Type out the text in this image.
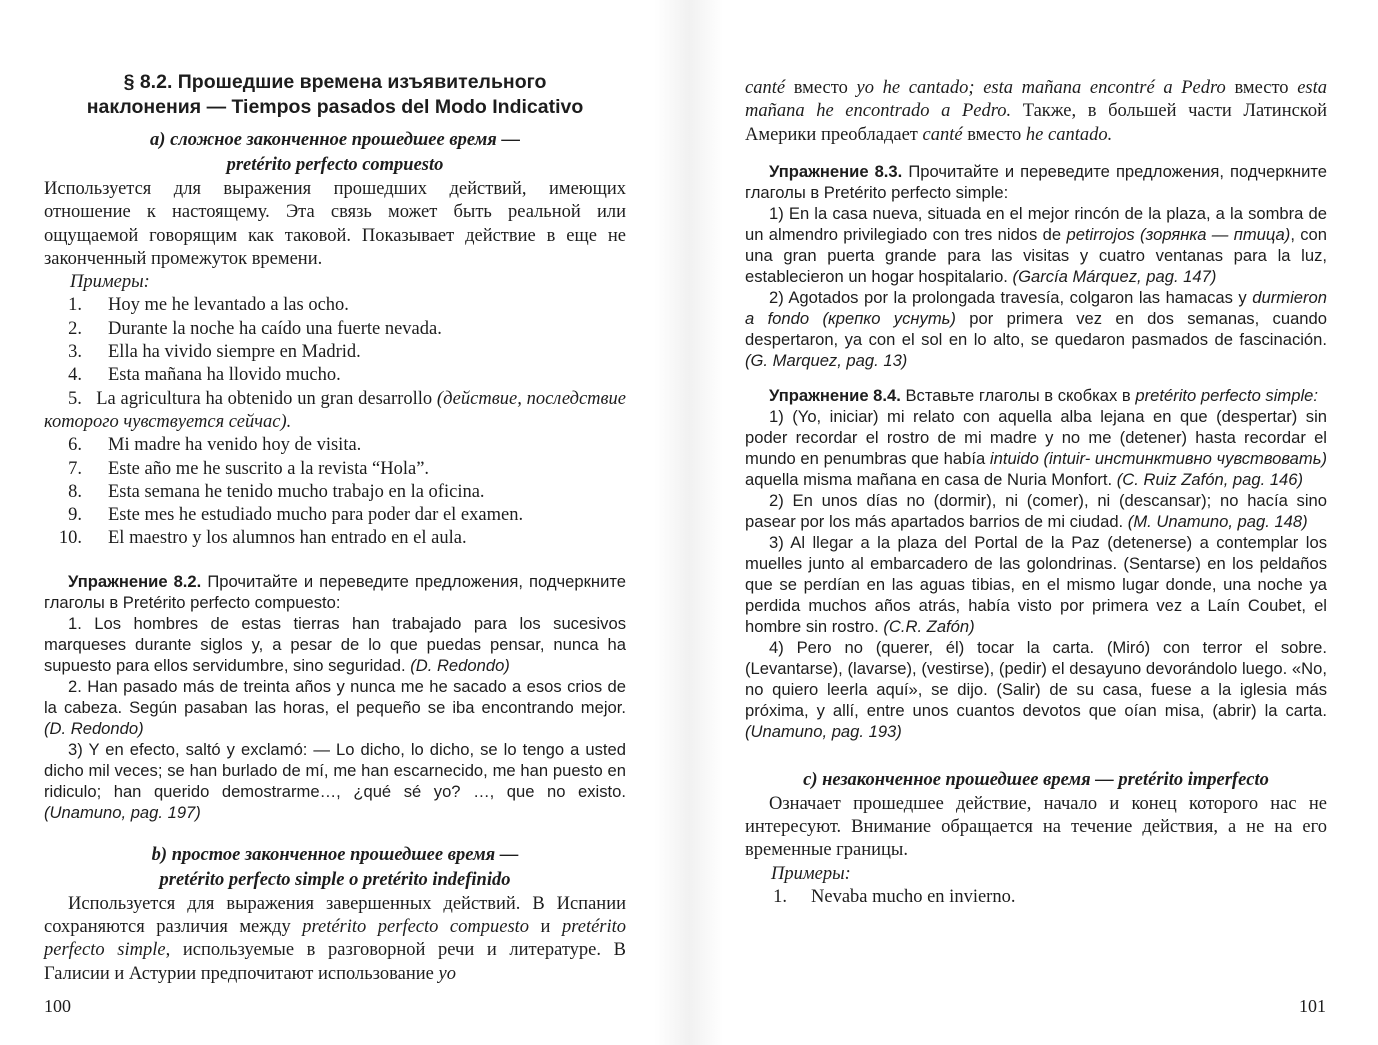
§ 8.2. Прошедшие времена изъявительного
наклонения — Tiempos pasados del Modo Indicativo

а) сложное законченное прошедшее время —
pretérito perfecto compuesto

Используется для выражения прошедших действий, имеющих отношение к настоящему. Эта связь может быть реальной или ощущаемой говорящим как таковой. Показывает действие в еще не законченный промежуток времени.

Примеры:

1. Hoy me he levantado a las ocho.
2. Durante la noche ha caído una fuerte nevada.
3. Ella ha vivido siempre en Madrid.
4. Esta mañana ha llovido mucho.
5. La agricultura ha obtenido un gran desarrollo (действие, последствие которого чувствуется сейчас).
6. Mi madre ha venido hoy de visita.
7. Este año me he suscrito a la revista “Hola”.
8. Esta semana he tenido mucho trabajo en la oficina.
9. Este mes he estudiado mucho para poder dar el examen.
10. El maestro y los alumnos han entrado en el aula.

Упражнение 8.2. Прочитайте и переведите предложения, подчеркните глаголы в Pretérito perfecto compuesto:

1. Los hombres de estas tierras han trabajado para los sucesivos marqueses durante siglos y, a pesar de lo que puedas pensar, nunca ha supuesto para ellos servidumbre, sino seguridad. (D. Redondo)

2. Han pasado más de treinta años y nunca me he sacado a esos crios de la cabeza. Según pasaban las horas, el pequeño se iba encontrando mejor. (D. Redondo)

3) Y en efecto, saltó y exclamó: — Lo dicho, lo dicho, se lo tengo a usted dicho mil veces; se han burlado de mí, me han escarnecido, me han puesto en ridiculo; han querido demostrarme…, ¿qué sé yo? …, que no existo. (Unamuno, pag. 197)

b) простое законченное прошедшее время —
pretérito perfecto simple o pretérito indefinido

Используется для выражения завершенных действий. В Испании сохраняются различия между pretérito perfecto compuesto и pretérito perfecto simple, используемые в разговорной речи и литературе. В Галисии и Астурии предпочитают использование yo

100

canté вместо yo he cantado; esta mañana encontré a Pedro вместо esta mañana he encontrado a Pedro. Также, в большей части Латинской Америки преобладает canté вместо he cantado.

Упражнение 8.3. Прочитайте и переведите предложения, подчеркните глаголы в Pretérito perfecto simple:

1) En la casa nueva, situada en el mejor rincón de la plaza, a la sombra de un almendro privilegiado con tres nidos de petirrojos (зорянка — птица), con una gran puerta grande para las visitas y cuatro ventanas para la luz, establecieron un hogar hospitalario. (García Márquez, pag. 147)

2) Agotados por la prolongada travesía, colgaron las hamacas y durmieron a fondo (крепко уснуть) por primera vez en dos semanas, cuando despertaron, ya con el sol en lo alto, se quedaron pasmados de fascinación. (G. Marquez, pag. 13)

Упражнение 8.4. Вставьте глаголы в скобках в pretérito perfecto simple:

1) (Yo, iniciar) mi relato con aquella alba lejana en que (despertar) sin poder recordar el rostro de mi madre y no me (detener) hasta recordar el mundo en penumbras que había intuido (intuir- инстинктивно чувствовать) aquella misma mañana en casa de Nuria Monfort. (C. Ruiz Zafón, pag. 146)

2) En unos días no (dormir), ni (comer), ni (descansar); no hacía sino pasear por los más apartados barrios de mi ciudad. (M. Unamuno, pag. 148)

3) Al llegar a la plaza del Portal de la Paz (detenerse) a contemplar los muelles junto al embarcadero de las golondrinas. (Sentarse) en los peldaños que se perdían en las aguas tibias, en el mismo lugar donde, una noche ya perdida muchos años atrás, había visto por primera vez a Laín Coubet, el hombre sin rostro. (C.R. Zafón)

4) Pero no (querer, él) tocar la carta. (Miró) con terror el sobre. (Levantarse), (lavarse), (vestirse), (pedir) el desayuno devorándolo luego. «No, no quiero leerla aquí», se dijo. (Salir) de su casa, fuese a la iglesia más próxima, y allí, entre unos cuantos devotos que oían misa, (abrir) la carta. (Unamuno, pag. 193)

с) незаконченное прошедшее время — pretérito imperfecto

Означает прошедшее действие, начало и конец которого нас не интересуют. Внимание обращается на течение действия, а не на его временные границы.

Примеры:

1. Nevaba mucho en invierno.
101
